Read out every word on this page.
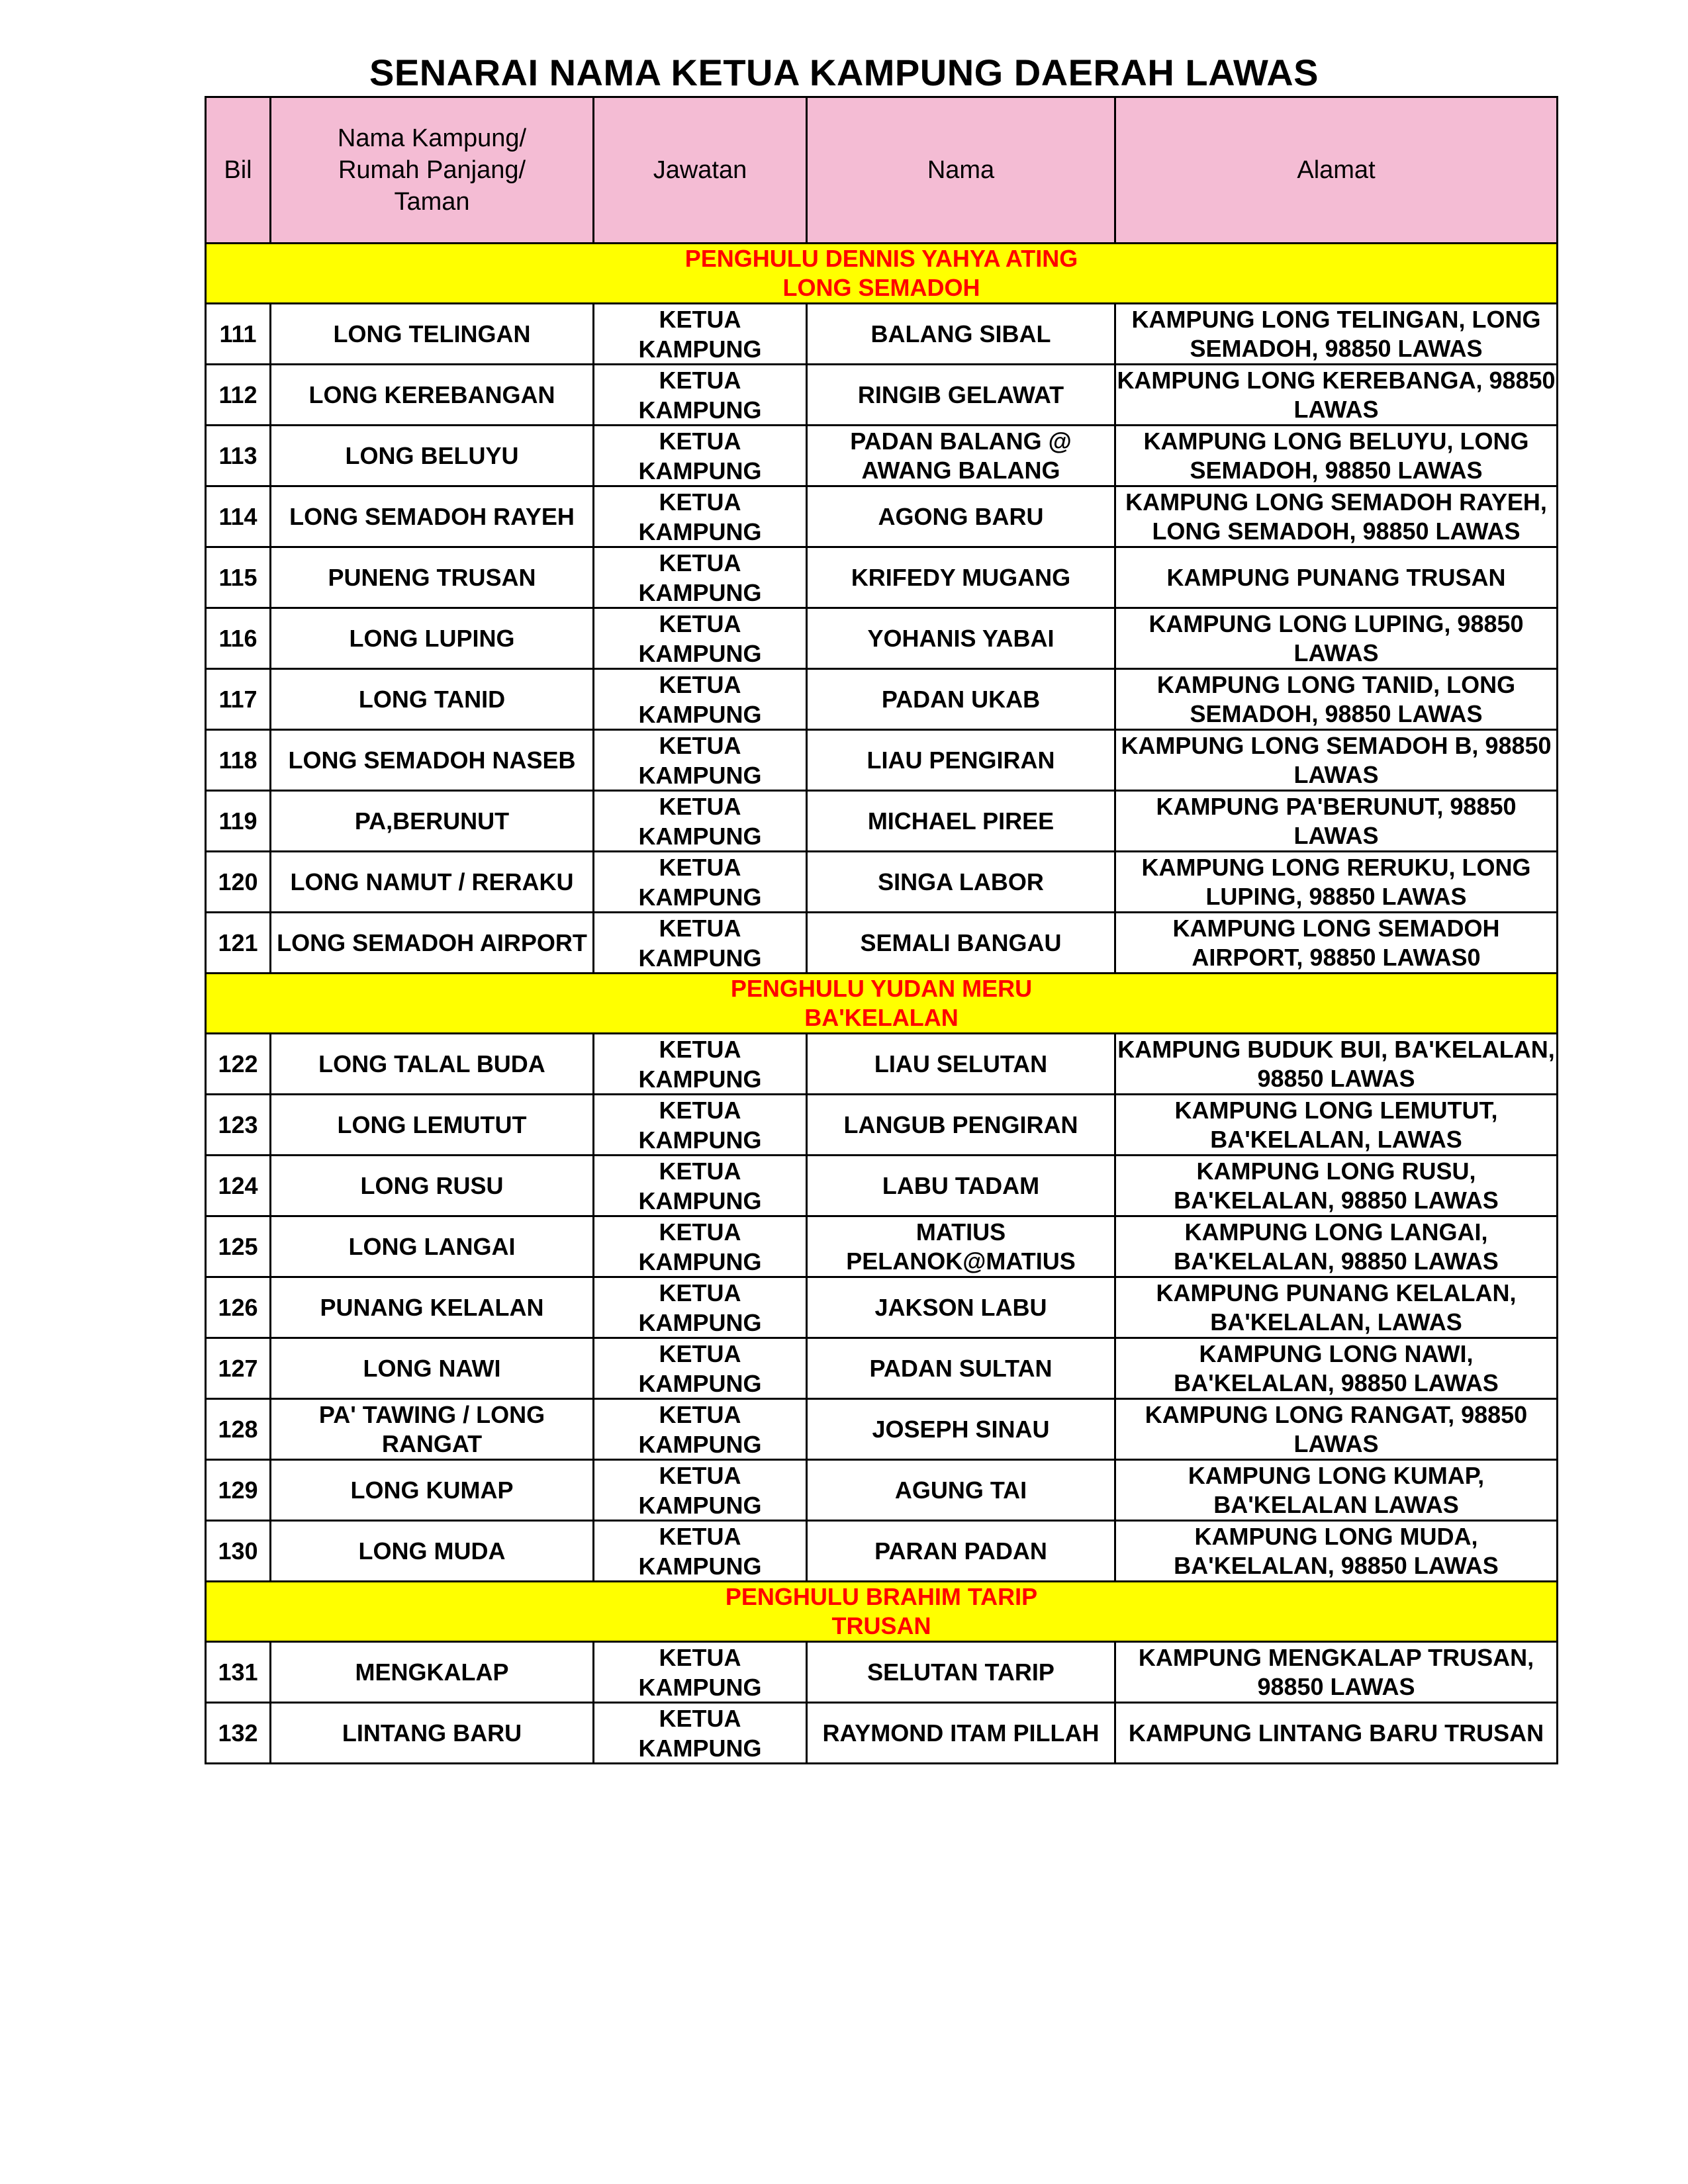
SENARAI NAMA KETUA KAMPUNG DAERAH LAWAS
Bil	Nama Kampung/
Rumah Panjang/
Taman	Jawatan	Nama	Alamat

PENGHULU DENNIS YAHYA ATING
LONG SEMADOH				

111	LONG TELINGAN	KETUA KAMPUNG	BALANG SIBAL	KAMPUNG LONG TELINGAN, LONG SEMADOH, 98850 LAWAS

112	LONG KEREBANGAN	KETUA KAMPUNG	RINGIB GELAWAT	KAMPUNG LONG KEREBANGA, 98850 LAWAS

113	LONG BELUYU	KETUA KAMPUNG	PADAN BALANG @ AWANG BALANG	KAMPUNG LONG BELUYU, LONG SEMADOH, 98850 LAWAS

114	LONG SEMADOH RAYEH	KETUA KAMPUNG	AGONG BARU	KAMPUNG LONG SEMADOH RAYEH, LONG SEMADOH, 98850 LAWAS

115	PUNENG TRUSAN	KETUA KAMPUNG	KRIFEDY MUGANG	KAMPUNG PUNANG TRUSAN

116	LONG LUPING	KETUA KAMPUNG	YOHANIS YABAI	KAMPUNG LONG LUPING, 98850 LAWAS

117	LONG TANID	KETUA KAMPUNG	PADAN UKAB	KAMPUNG LONG TANID, LONG SEMADOH, 98850 LAWAS

118	LONG SEMADOH NASEB	KETUA KAMPUNG	LIAU PENGIRAN	KAMPUNG LONG SEMADOH B, 98850 LAWAS

119	PA,BERUNUT	KETUA KAMPUNG	MICHAEL PIREE	KAMPUNG PA'BERUNUT, 98850 LAWAS

120	LONG NAMUT / RERAKU	KETUA KAMPUNG	SINGA LABOR	KAMPUNG LONG RERUKU, LONG LUPING, 98850 LAWAS

121	LONG SEMADOH AIRPORT	KETUA KAMPUNG	SEMALI BANGAU	KAMPUNG LONG SEMADOH AIRPORT, 98850 LAWAS0

PENGHULU YUDAN MERU
BA'KELALAN				

122	LONG TALAL BUDA	KETUA KAMPUNG	LIAU SELUTAN	KAMPUNG BUDUK BUI, BA'KELALAN, 98850 LAWAS

123	LONG LEMUTUT	KETUA KAMPUNG	LANGUB PENGIRAN	KAMPUNG LONG LEMUTUT, BA'KELALAN, LAWAS

124	LONG RUSU	KETUA KAMPUNG	LABU TADAM	KAMPUNG LONG RUSU, BA'KELALAN, 98850 LAWAS

125	LONG LANGAI	KETUA KAMPUNG	MATIUS PELANOK@MATIUS	KAMPUNG LONG LANGAI, BA'KELALAN, 98850 LAWAS

126	PUNANG KELALAN	KETUA KAMPUNG	JAKSON LABU	KAMPUNG PUNANG KELALAN, BA'KELALAN, LAWAS

127	LONG NAWI	KETUA KAMPUNG	PADAN SULTAN	KAMPUNG LONG NAWI, BA'KELALAN, 98850 LAWAS

128	PA' TAWING / LONG RANGAT	KETUA KAMPUNG	JOSEPH SINAU	KAMPUNG LONG RANGAT, 98850 LAWAS

129	LONG KUMAP	KETUA KAMPUNG	AGUNG TAI	KAMPUNG LONG KUMAP, BA'KELALAN LAWAS

130	LONG MUDA	KETUA KAMPUNG	PARAN PADAN	KAMPUNG LONG MUDA, BA'KELALAN, 98850 LAWAS

PENGHULU BRAHIM TARIP
TRUSAN				

131	MENGKALAP	KETUA KAMPUNG	SELUTAN TARIP	KAMPUNG MENGKALAP TRUSAN, 98850 LAWAS

132	LINTANG BARU	KETUA KAMPUNG	RAYMOND ITAM PILLAH	KAMPUNG LINTANG BARU TRUSAN
